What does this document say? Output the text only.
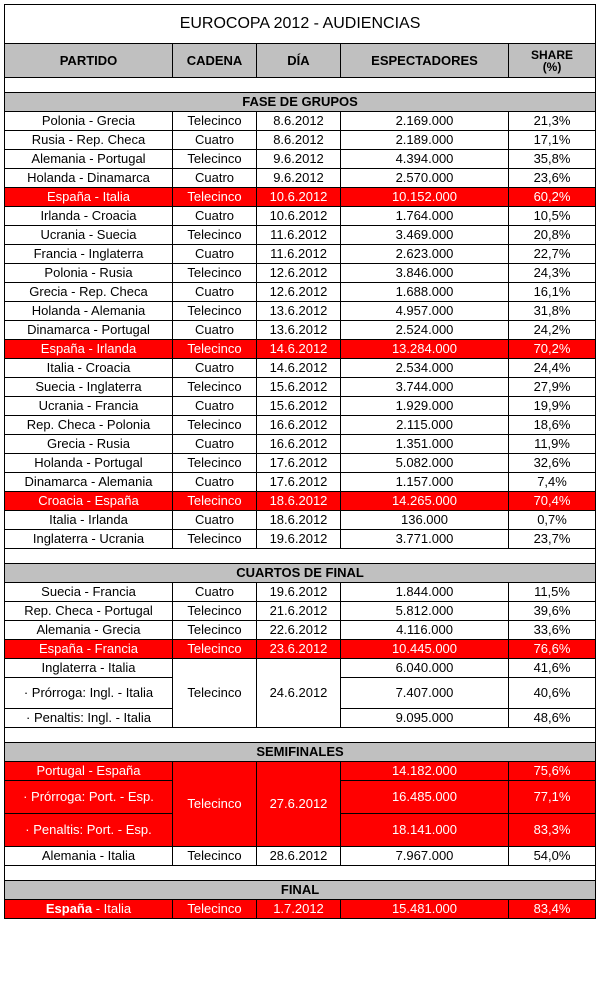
EUROCOPA 2012 - AUDIENCIAS				
PARTIDO	CADENA	DÍA	ESPECTADORES	SHARE
(%)

FASE DE GRUPOS				
Polonia - Grecia	Telecinco	8.6.2012	2.169.000	21,3%
Rusia - Rep. Checa	Cuatro	8.6.2012	2.189.000	17,1%
Alemania - Portugal	Telecinco	9.6.2012	4.394.000	35,8%
Holanda - Dinamarca	Cuatro	9.6.2012	2.570.000	23,6%
España - Italia	Telecinco	10.6.2012	10.152.000	60,2%
Irlanda - Croacia	Cuatro	10.6.2012	1.764.000	10,5%
Ucrania - Suecia	Telecinco	11.6.2012	3.469.000	20,8%
Francia - Inglaterra	Cuatro	11.6.2012	2.623.000	22,7%
Polonia - Rusia	Telecinco	12.6.2012	3.846.000	24,3%
Grecia - Rep. Checa	Cuatro	12.6.2012	1.688.000	16,1%
Holanda - Alemania	Telecinco	13.6.2012	4.957.000	31,8%
Dinamarca - Portugal	Cuatro	13.6.2012	2.524.000	24,2%
España - Irlanda	Telecinco	14.6.2012	13.284.000	70,2%
Italia - Croacia	Cuatro	14.6.2012	2.534.000	24,4%
Suecia - Inglaterra	Telecinco	15.6.2012	3.744.000	27,9%
Ucrania - Francia	Cuatro	15.6.2012	1.929.000	19,9%
Rep. Checa - Polonia	Telecinco	16.6.2012	2.115.000	18,6%
Grecia - Rusia	Cuatro	16.6.2012	1.351.000	11,9%
Holanda - Portugal	Telecinco	17.6.2012	5.082.000	32,6%
Dinamarca - Alemania	Cuatro	17.6.2012	1.157.000	7,4%
Croacia - España	Telecinco	18.6.2012	14.265.000	70,4%
Italia - Irlanda	Cuatro	18.6.2012	136.000	0,7%
Inglaterra - Ucrania	Telecinco	19.6.2012	3.771.000	23,7%

CUARTOS DE FINAL				
Suecia - Francia	Cuatro	19.6.2012	1.844.000	11,5%
Rep. Checa - Portugal	Telecinco	21.6.2012	5.812.000	39,6%
Alemania - Grecia	Telecinco	22.6.2012	4.116.000	33,6%
España - Francia	Telecinco	23.6.2012	10.445.000	76,6%
Inglaterra - Italia	Telecinco	24.6.2012	6.040.000	41,6%
· Prórroga: Ingl. - Italia			7.407.000	40,6%
· Penaltis: Ingl. - Italia			9.095.000	48,6%

SEMIFINALES				
Portugal - España	Telecinco	27.6.2012	14.182.000	75,6%
· Prórroga: Port. - Esp.			16.485.000	77,1%
· Penaltis: Port. - Esp.			18.141.000	83,3%
Alemania - Italia	Telecinco	28.6.2012	7.967.000	54,0%

FINAL				
España - Italia	Telecinco	1.7.2012	15.481.000	83,4%
